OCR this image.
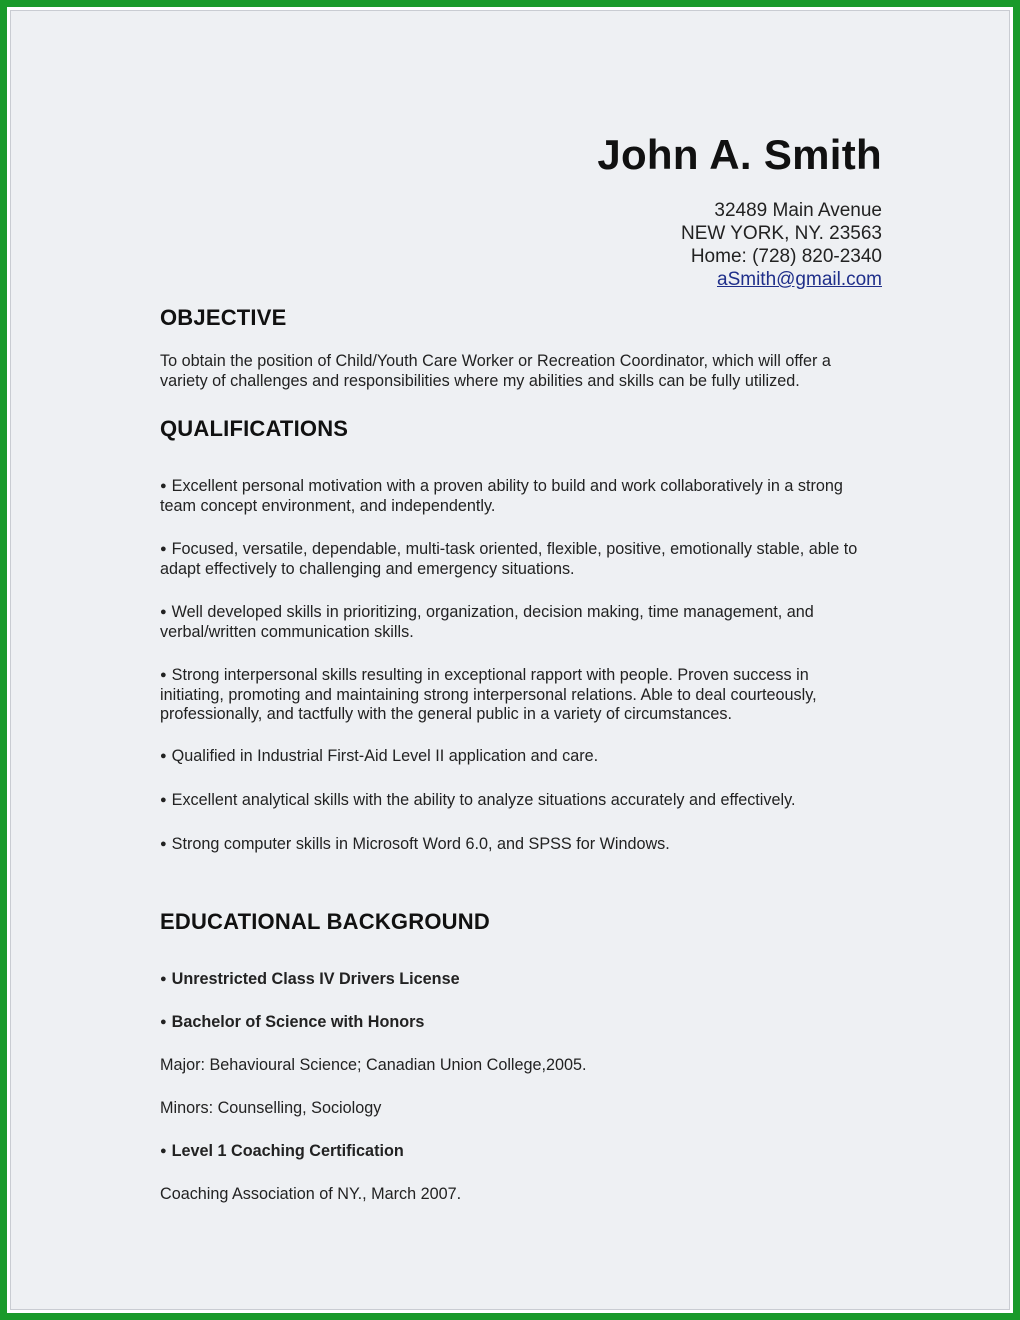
John A. Smith
32489 Main Avenue
NEW YORK, NY. 23563
Home: (728) 820-2340
aSmith@gmail.com
OBJECTIVE
To obtain the position of Child/Youth Care Worker or Recreation Coordinator, which will offer a
variety of challenges and responsibilities where my abilities and skills can be fully utilized.
QUALIFICATIONS
● Excellent personal motivation with a proven ability to build and work collaboratively in a strong
team concept environment, and independently.
● Focused, versatile, dependable, multi-task oriented, flexible, positive, emotionally stable, able to
adapt effectively to challenging and emergency situations.
● Well developed skills in prioritizing, organization, decision making, time management, and
verbal/written communication skills.
● Strong interpersonal skills resulting in exceptional rapport with people. Proven success in
initiating, promoting and maintaining strong interpersonal relations. Able to deal courteously,
professionally, and tactfully with the general public in a variety of circumstances.
● Qualified in Industrial First-Aid Level II application and care.
● Excellent analytical skills with the ability to analyze situations accurately and effectively.
● Strong computer skills in Microsoft Word 6.0, and SPSS for Windows.
EDUCATIONAL BACKGROUND
● Unrestricted Class IV Drivers License
● Bachelor of Science with Honors
Major: Behavioural Science; Canadian Union College,2005.
Minors: Counselling, Sociology
● Level 1 Coaching Certification
Coaching Association of NY., March 2007.
